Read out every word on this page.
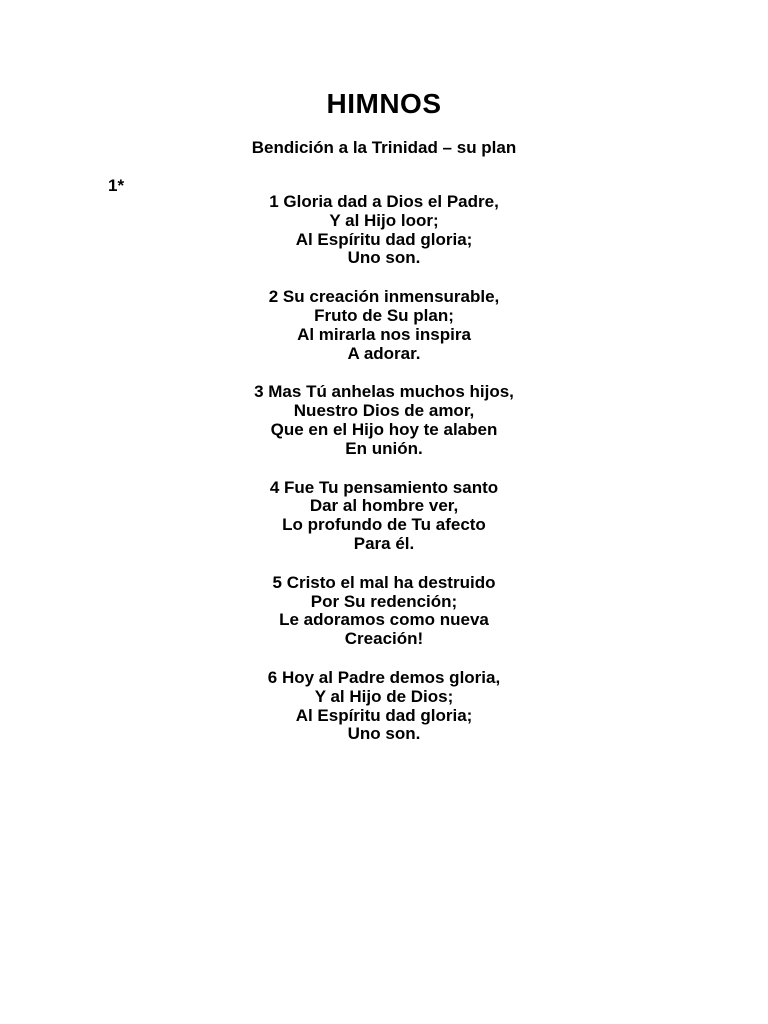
HIMNOS
Bendición a la Trinidad – su plan
1*
1 Gloria dad a Dios el Padre,
Y al Hijo loor;
Al Espíritu dad gloria;
Uno son.
2 Su creación inmensurable,
Fruto de Su plan;
Al mirarla nos inspira
A adorar.
3 Mas Tú anhelas muchos hijos,
Nuestro Dios de amor,
Que en el Hijo hoy te alaben
En unión.
4 Fue Tu pensamiento santo
Dar al hombre ver,
Lo profundo de Tu afecto
Para él.
5 Cristo el mal ha destruido
Por Su redención;
Le adoramos como nueva
Creación!
6 Hoy al Padre demos gloria,
Y al Hijo de Dios;
Al Espíritu dad gloria;
Uno son.
